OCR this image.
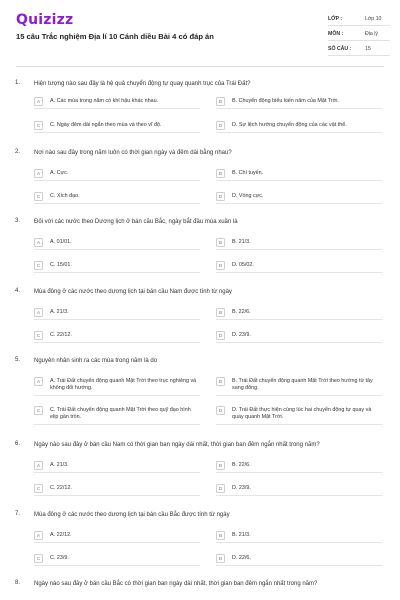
Quizizz
15 câu Trắc nghiệm Địa lí 10 Cánh diều Bài 4 có đáp án
LỚP :	Lớp 10
MÔN :	Địa lý
SỐ CÂU :	15
1. Hiện tượng nào sau đây là hệ quả chuyển động tự quay quanh trục của Trái Đất?
A	A. Các mùa trong năm có khí hậu khác nhau.	B	B. Chuyển động biểu kiến năm của Mặt Trời.
C	C. Ngày đêm dài ngắn theo mùa và theo vĩ độ.	D	D. Sự lệch hướng chuyển động của các vật thể.
2. Nơi nào sau đây trong năm luôn có thời gian ngày và đêm dài bằng nhau?
A	A. Cực.	B	B. Chí tuyến.
C	C. Xích đạo.	D	D. Vòng cực.
3. Đối với các nước theo Dương lịch ở bán cầu Bắc, ngày bắt đầu mùa xuân là
A	A. 01/01.	B	B. 21/3.
C	C. 15/01.	D	D. 05/02.
4. Mùa đông ở các nước theo dương lịch tại bán cầu Nam được tính từ ngày
A	A. 21/3.	B	B. 22/6.
C	C. 22/12.	D	D. 23/9.
5. Nguyên nhân sinh ra các mùa trong năm là do
A	A. Trái Đất chuyển động quanh Mặt Trời theo trục nghiêng và không đổi hướng.
B	B. Trái Đất chuyển động quanh Mặt Trời theo hướng từ tây sang đông.
C	C. Trái Đất chuyển động quanh Mặt Trời theo quỹ đạo hình elip gần tròn.
D	D. Trái Đất thực hiện cùng lúc hai chuyển động tự quay và quay quanh Mặt Trời.
6. Ngày nào sau đây ở bán cầu Nam có thời gian ban ngày dài nhất, thời gian ban đêm ngắn nhất trong năm?
A	A. 21/3.	B	B. 22/6.
C	C. 22/12.	D	D. 23/9.
7. Mùa đông ở các nước theo dương lịch tại bán cầu Bắc được tính từ ngày
A	A. 22/12.	B	B. 21/3.
C	C. 23/9.	D	D. 22/6.
8. Ngày nào sau đây ở bán cầu Bắc có thời gian ban ngày dài nhất, thời gian ban đêm ngắn nhất trong năm?
